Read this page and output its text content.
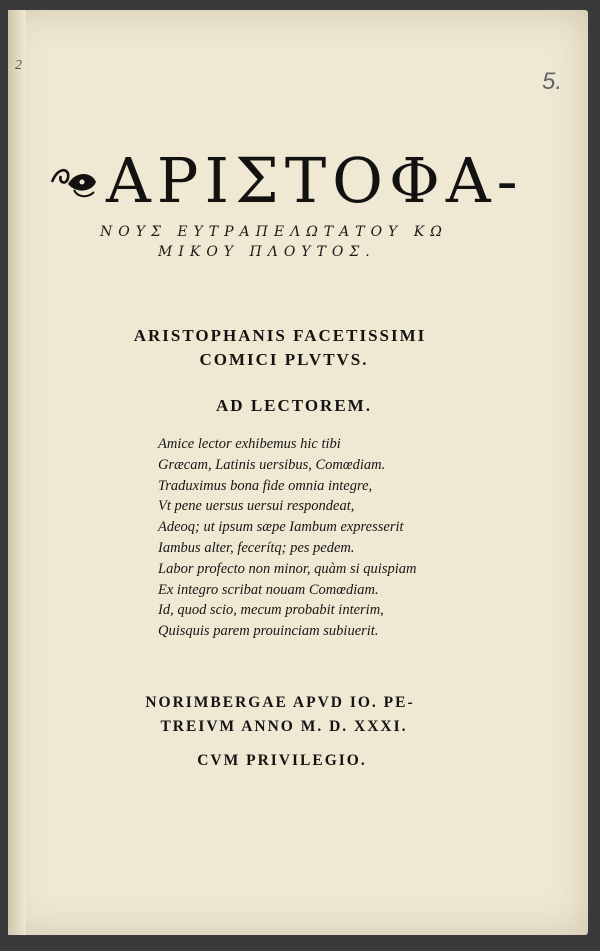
2
5.
ΑΡΙΣΤΟΦΑ-
ΝΟΥΣ ΕΥΤΡΑΠΕΛΩΤΑΤΟΥ ΚΩ
ΜΙΚΟΥ ΠΛΟΥΤΟΣ.
ARISTOPHANIS FACETISSIMI
COMICI PLVTVS.
AD LECTOREM.
Amice lector exhibemus hic tibi
Græcam, Latinis uersibus, Comœdiam.
Traduximus bona fide omnia integre,
Vt pene uersus uersui respondeat,
Adeoq; ut ipsum sæpe Iambum expresserit
Iambus alter, fecerítq; pes pedem.
Labor profecto non minor, quàm si quispiam
Ex integro scribat nouam Comœdiam.
Id, quod scio, mecum probabit interim,
Quisquis parem prouinciam subiuerit.
NORIMBERGAE APVD IO. PE-
TREIVM ANNO M. D. XXXI.
CVM PRIVILEGIO.
